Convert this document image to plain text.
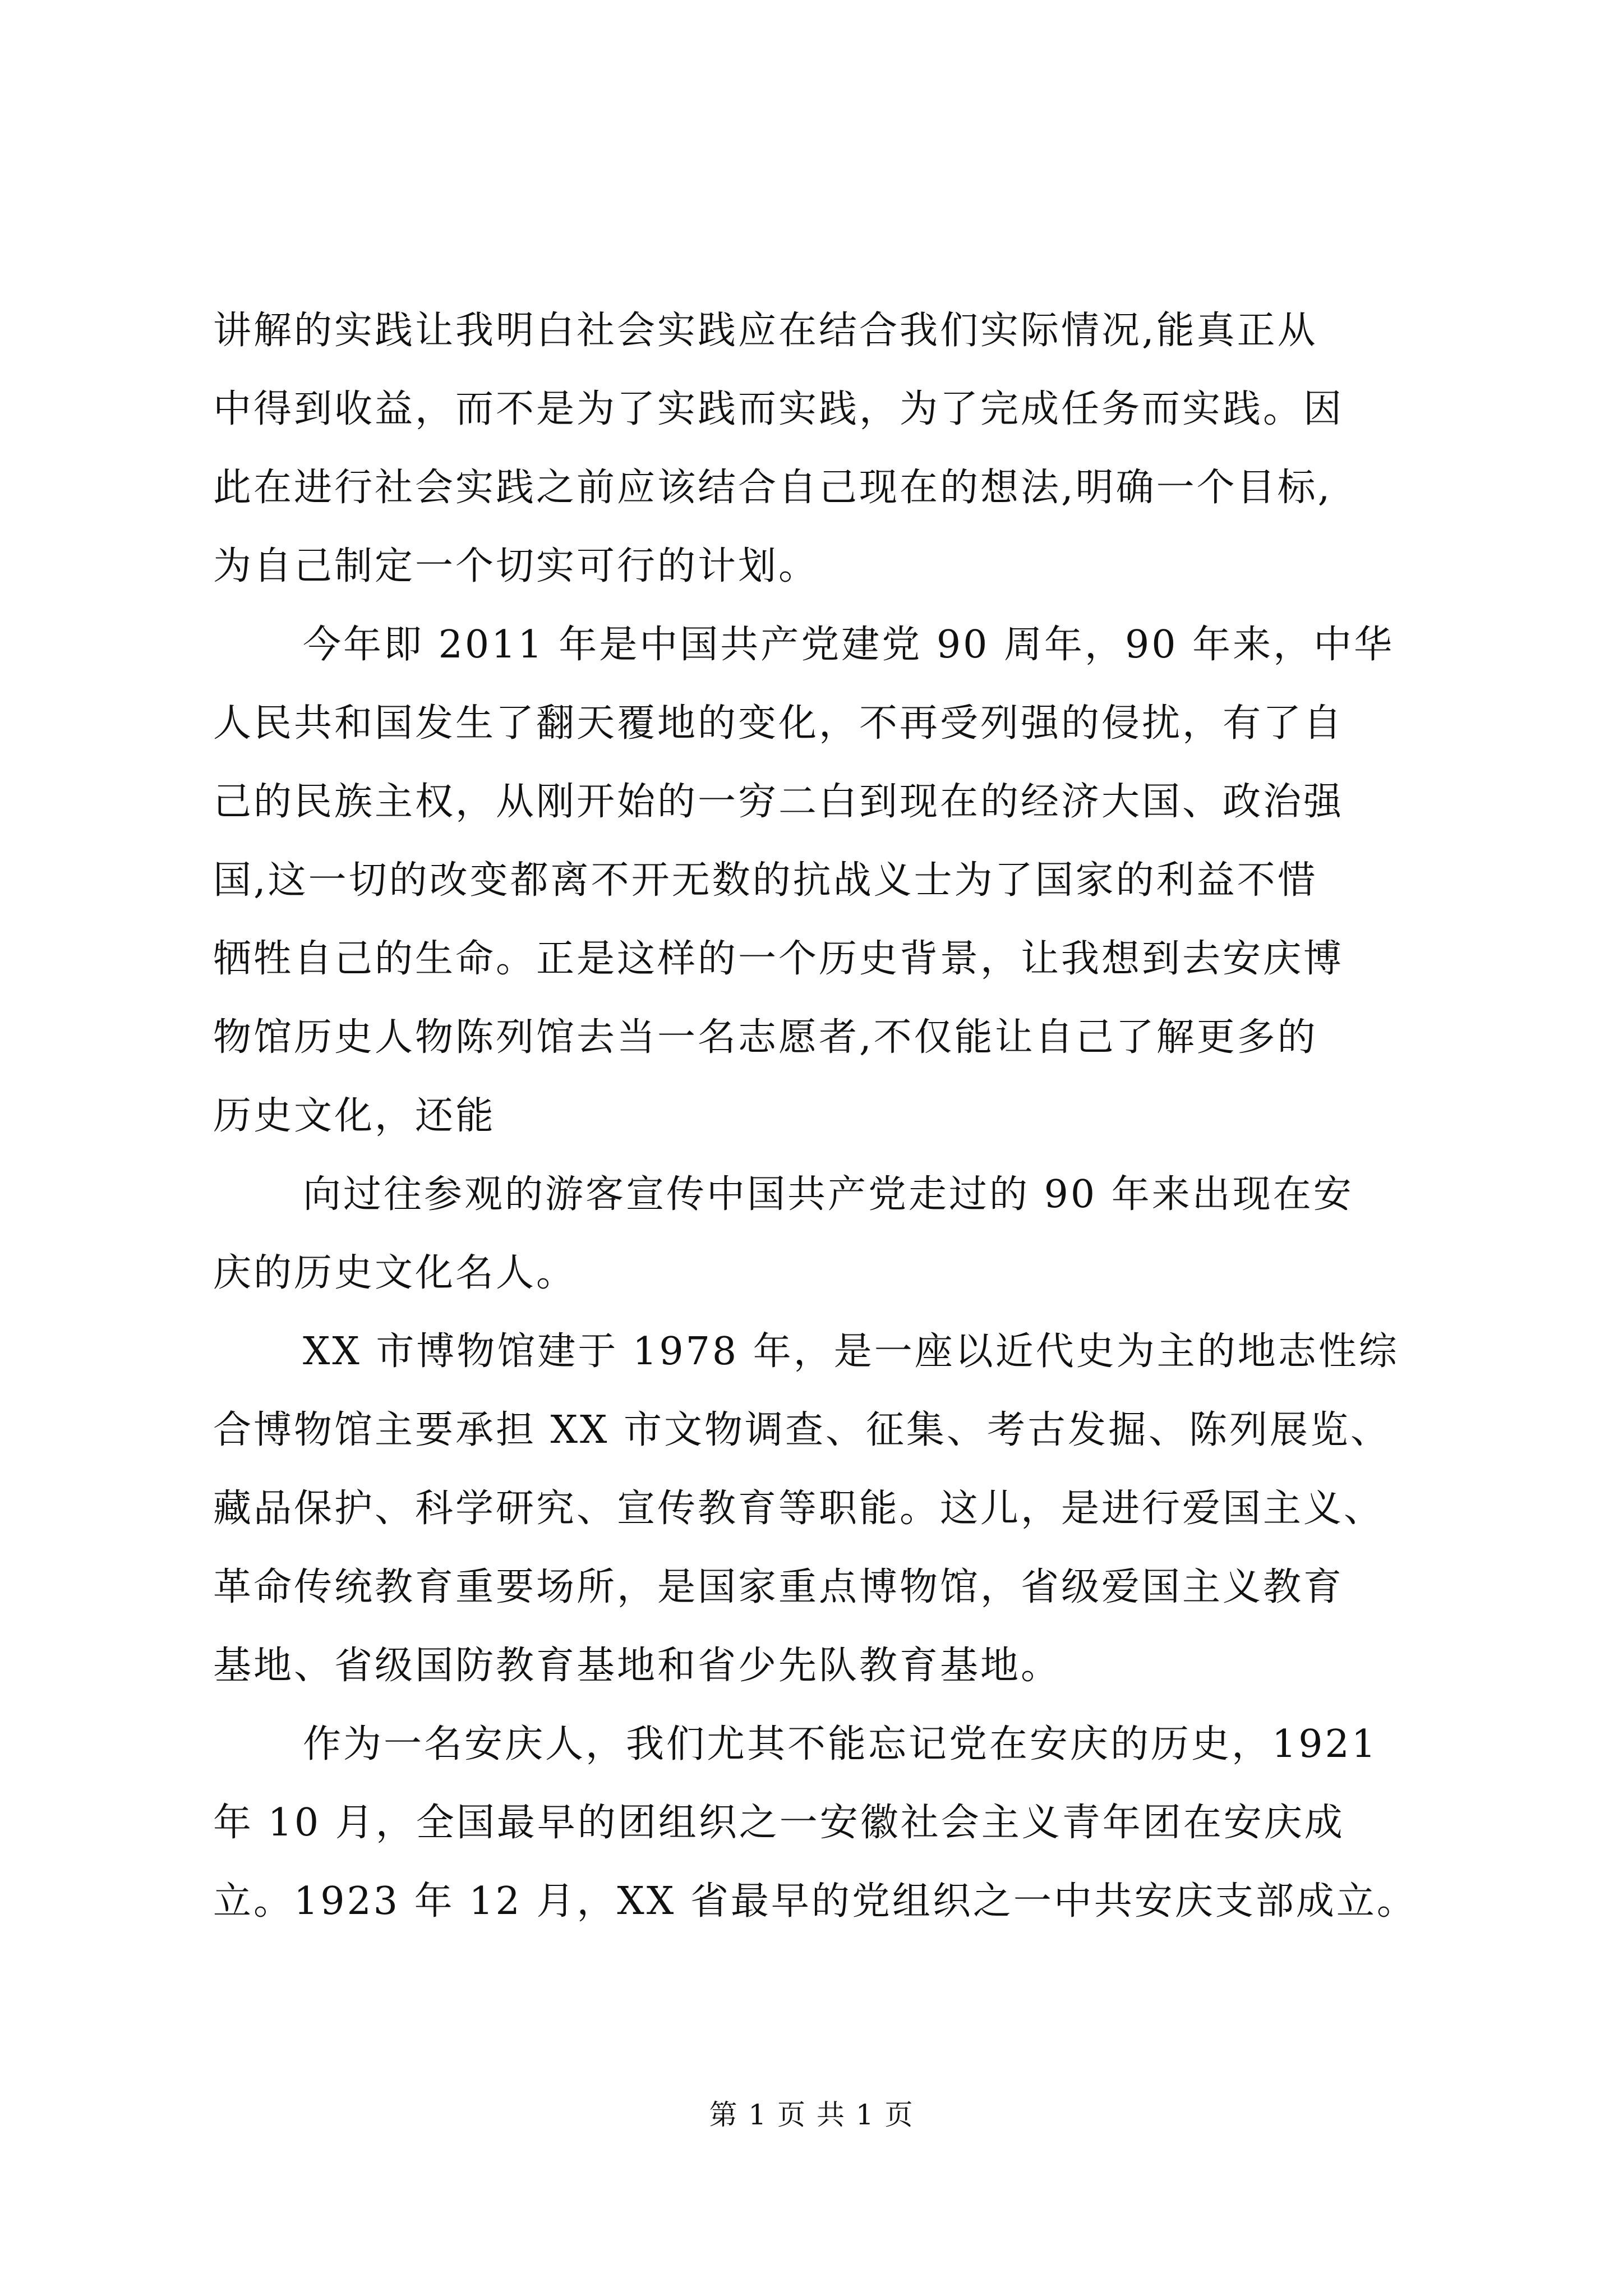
讲解的实践让我明白社会实践应在结合我们实际情况,能真正从
中得到收益，而不是为了实践而实践，为了完成任务而实践。因
此在进行社会实践之前应该结合自己现在的想法,明确一个目标,
为自己制定一个切实可行的计划。
今年即 2011 年是中国共产党建党 90 周年，90 年来，中华
人民共和国发生了翻天覆地的变化，不再受列强的侵扰，有了自
己的民族主权，从刚开始的一穷二白到现在的经济大国、政治强
国,这一切的改变都离不开无数的抗战义士为了国家的利益不惜
牺牲自己的生命。正是这样的一个历史背景，让我想到去安庆博
物馆历史人物陈列馆去当一名志愿者,不仅能让自己了解更多的
历史文化，还能
向过往参观的游客宣传中国共产党走过的 90 年来出现在安
庆的历史文化名人。
XX 市博物馆建于 1978 年，是一座以近代史为主的地志性综
合博物馆主要承担 XX 市文物调查、征集、考古发掘、陈列展览、
藏品保护、科学研究、宣传教育等职能。这儿，是进行爱国主义、
革命传统教育重要场所，是国家重点博物馆，省级爱国主义教育
基地、省级国防教育基地和省少先队教育基地。
作为一名安庆人，我们尤其不能忘记党在安庆的历史，1921
年 10 月，全国最早的团组织之一安徽社会主义青年团在安庆成
立。1923 年 12 月，XX 省最早的党组织之一中共安庆支部成立。
第 1 页 共 1 页
